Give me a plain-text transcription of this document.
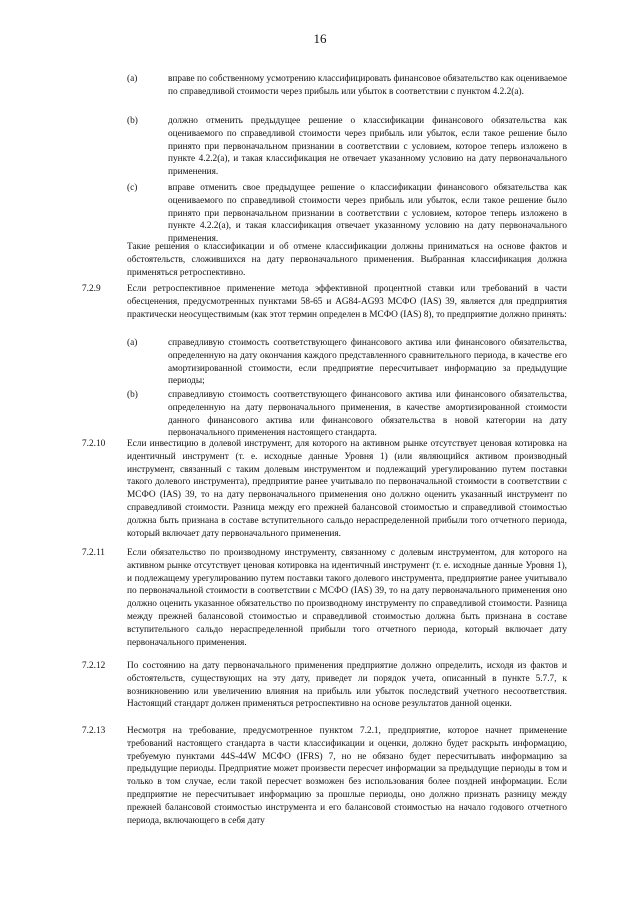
16
(a)	вправе по собственному усмотрению классифицировать финансовое обязательство как оцениваемое по справедливой стоимости через прибыль или убыток в соответствии с пунктом 4.2.2(a).

(b)	должно отменить предыдущее решение о классификации финансового обязательства как оцениваемого по справедливой стоимости через прибыль или убыток, если такое решение было принято при первоначальном признании в соответствии с условием, которое теперь изложено в пункте 4.2.2(a), и такая классификация не отвечает указанному условию на дату первоначального применения.

(c)	вправе отменить свое предыдущее решение о классификации финансового обязательства как оцениваемого по справедливой стоимости через прибыль или убыток, если такое решение было принято при первоначальном признании в соответствии с условием, которое теперь изложено в пункте 4.2.2(a), и такая классификация отвечает указанному условию на дату первоначального применения.

Такие решения о классификации и об отмене классификации должны приниматься на основе фактов и обстоятельств, сложившихся на дату первоначального применения. Выбранная классификация должна применяться ретроспективно.

7.2.9	Если ретроспективное применение метода эффективной процентной ставки или требований в части обесценения, предусмотренных пунктами 58-65 и AG84-AG93 МСФО (IAS) 39, является для предприятия практически неосуществимым (как этот термин определен в МСФО (IAS) 8), то предприятие должно принять:

(a)	справедливую стоимость соответствующего финансового актива или финансового обязательства, определенную на дату окончания каждого представленного сравнительного периода, в качестве его амортизированной стоимости, если предприятие пересчитывает информацию за предыдущие периоды;

(b)	справедливую стоимость соответствующего финансового актива или финансового обязательства, определенную на дату первоначального применения, в качестве амортизированной стоимости данного финансового актива или финансового обязательства в новой категории на дату первоначального применения настоящего стандарта.

7.2.10 Если инвестицию в долевой инструмент, для которого на активном рынке отсутствует ценовая котировка на идентичный инструмент (т. е. исходные данные Уровня 1) (или являющийся активом производный инструмент, связанный с таким долевым инструментом и подлежащий урегулированию путем поставки такого долевого инструмента), предприятие ранее учитывало по первоначальной стоимости в соответствии с МСФО (IAS) 39, то на дату первоначального применения оно должно оценить указанный инструмент по справедливой стоимости. Разница между его прежней балансовой стоимостью и справедливой стоимостью должна быть признана в составе вступительного сальдо нераспределенной прибыли того отчетного периода, который включает дату первоначального применения.

7.2.11 Если обязательство по производному инструменту, связанному с долевым инструментом, для которого на активном рынке отсутствует ценовая котировка на идентичный инструмент (т. е. исходные данные Уровня 1), и подлежащему урегулированию путем поставки такого долевого инструмента, предприятие ранее учитывало по первоначальной стоимости в соответствии с МСФО (IAS) 39, то на дату первоначального применения оно должно оценить указанное обязательство по производному инструменту по справедливой стоимости. Разница между прежней балансовой стоимостью и справедливой стоимостью должна быть признана в составе вступительного сальдо нераспределенной прибыли того отчетного периода, который включает дату первоначального применения.

7.2.12 По состоянию на дату первоначального применения предприятие должно определить, исходя из фактов и обстоятельств, существующих на эту дату, приведет ли порядок учета, описанный в пункте 5.7.7, к возникновению или увеличению влияния на прибыль или убыток последствий учетного несоответствия. Настоящий стандарт должен применяться ретроспективно на основе результатов данной оценки.

7.2.13 Несмотря на требование, предусмотренное пунктом 7.2.1, предприятие, которое начнет применение требований настоящего стандарта в части классификации и оценки, должно будет раскрыть информацию, требуемую пунктами 44S-44W МСФО (IFRS) 7, но не обязано будет пересчитывать информацию за предыдущие периоды. Предприятие может произвести пересчет информации за предыдущие периоды в том и только в том случае, если такой пересчет возможен без использования более поздней информации. Если предприятие не пересчитывает информацию за прошлые периоды, оно должно признать разницу между прежней балансовой стоимостью инструмента и его балансовой стоимостью на начало годового отчетного периода, включающего в себя дату
